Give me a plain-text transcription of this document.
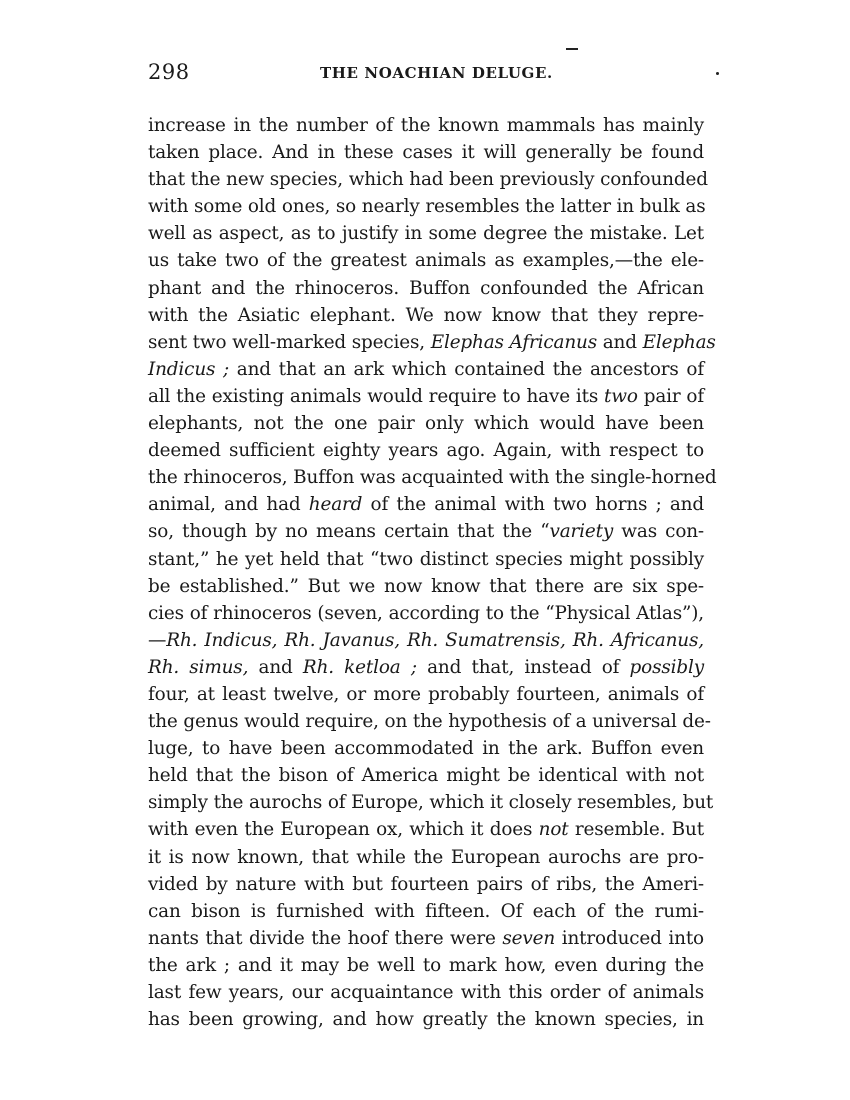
298	THE NOACHIAN DELUGE.
increase in the number of the known mammals has mainly
taken place. And in these cases it will generally be found
that the new species, which had been previously confounded
with some old ones, so nearly resembles the latter in bulk as
well as aspect, as to justify in some degree the mistake. Let
us take two of the greatest animals as examples,—the ele-
phant and the rhinoceros. Buffon confounded the African
with the Asiatic elephant. We now know that they repre-
sent two well-marked species, Elephas Africanus and Elephas
Indicus ; and that an ark which contained the ancestors of
all the existing animals would require to have its two pair of
elephants, not the one pair only which would have been
deemed sufficient eighty years ago. Again, with respect to
the rhinoceros, Buffon was acquainted with the single-horned
animal, and had heard of the animal with two horns ; and
so, though by no means certain that the “variety was con-
stant,” he yet held that “two distinct species might possibly
be established.” But we now know that there are six spe-
cies of rhinoceros (seven, according to the “Physical Atlas”),
—Rh. Indicus, Rh. Javanus, Rh. Sumatrensis, Rh. Africanus,
Rh. simus, and Rh. ketloa ; and that, instead of possibly
four, at least twelve, or more probably fourteen, animals of
the genus would require, on the hypothesis of a universal de-
luge, to have been accommodated in the ark. Buffon even
held that the bison of America might be identical with not
simply the aurochs of Europe, which it closely resembles, but
with even the European ox, which it does not resemble. But
it is now known, that while the European aurochs are pro-
vided by nature with but fourteen pairs of ribs, the Ameri-
can bison is furnished with fifteen. Of each of the rumi-
nants that divide the hoof there were seven introduced into
the ark ; and it may be well to mark how, even during the
last few years, our acquaintance with this order of animals
has been growing, and how greatly the known species, in
